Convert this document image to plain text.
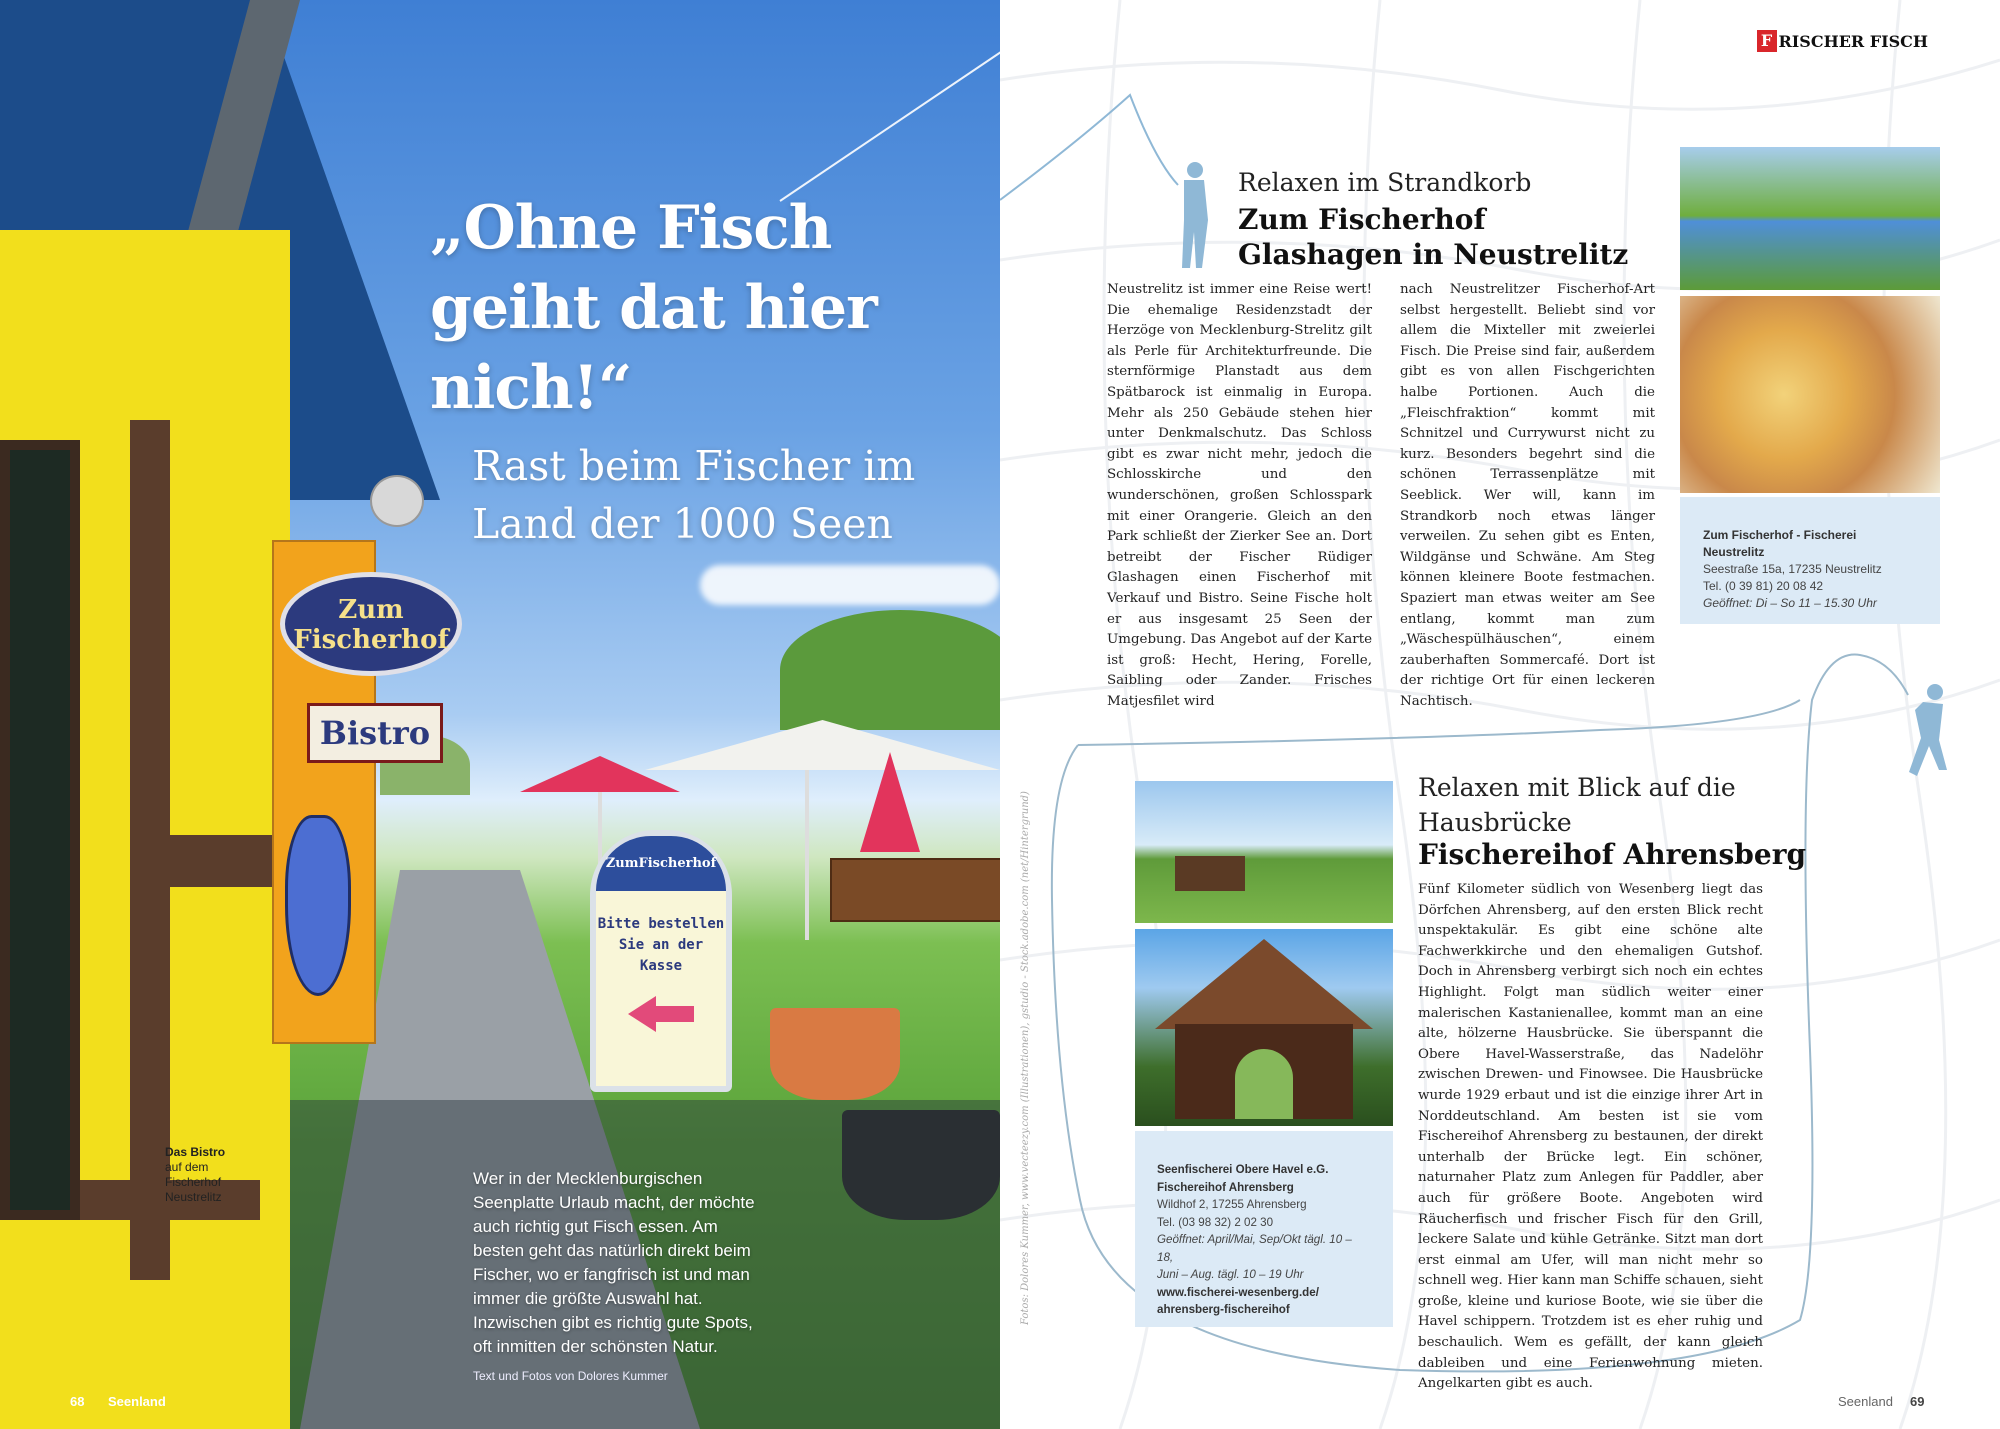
ZumFischerhof
Bitte bestellen Sie an der Kasse
Zum Fischerhof
Bistro
„Ohne Fisch geiht dat hier nich!“
Rast beim Fischer im Land der 1000 Seen
Das Bistro
auf dem Fischerhof Neustrelitz
Wer in der Mecklenburgischen Seenplatte Urlaub macht, der möchte auch richtig gut Fisch essen. Am besten geht das natürlich direkt beim Fischer, wo er fangfrisch ist und man immer die größte Auswahl hat. Inzwischen gibt es richtig gute Spots, oft inmitten der schönsten Natur.
Text und Fotos von Dolores Kummer
68 Seenland
F RISCHER FISCH
Relaxen im Strandkorb
Zum Fischerhof Glashagen in Neustrelitz
Neustrelitz ist immer eine Reise wert! Die ehemalige Residenzstadt der Herzöge von Mecklenburg-Strelitz gilt als Perle für Architekturfreunde. Die sternförmige Planstadt aus dem Spätbarock ist einmalig in Europa. Mehr als 250 Gebäude stehen hier unter Denkmalschutz. Das Schloss gibt es zwar nicht mehr, jedoch die Schlosskirche und den wunderschönen, großen Schlosspark mit einer Orangerie. Gleich an den Park schließt der Zierker See an. Dort betreibt der Fischer Rüdiger Glashagen einen Fischerhof mit Verkauf und Bistro. Seine Fische holt er aus insgesamt 25 Seen der Umgebung. Das Angebot auf der Karte ist groß: Hecht, Hering, Forelle, Saibling oder Zander. Frisches Matjesfilet wird
nach Neustrelitzer Fischerhof-Art selbst hergestellt. Beliebt sind vor allem die Mixteller mit zweierlei Fisch. Die Preise sind fair, außerdem gibt es von allen Fischgerichten halbe Portionen. Auch die „Fleischfraktion“ kommt mit Schnitzel und Currywurst nicht zu kurz. Besonders begehrt sind die schönen Terrassenplätze mit Seeblick. Wer will, kann im Strandkorb noch etwas länger verweilen. Zu sehen gibt es Enten, Wildgänse und Schwäne. Am Steg können kleinere Boote festmachen. Spaziert man etwas weiter am See entlang, kommt man zum „Wäschespülhäuschen“, einem zauberhaften Sommercafé. Dort ist der richtige Ort für einen leckeren Nachtisch.
Zum Fischerhof - Fischerei Neustrelitz
Seestraße 15a, 17235 Neustrelitz
Tel. (0 39 81) 20 08 42
Geöffnet: Di – So 11 – 15.30 Uhr
Seenfischerei Obere Havel e.G.
Fischereihof Ahrensberg
Wildhof 2, 17255 Ahrensberg
Tel. (03 98 32) 2 02 30
Geöffnet: April/Mai, Sep/Okt tägl. 10 – 18,
Juni – Aug. tägl. 10 – 19 Uhr
www.fischerei-wesenberg.de/
ahrensberg-fischereihof
Relaxen mit Blick auf die Hausbrücke
Fischereihof Ahrensberg
Fünf Kilometer südlich von Wesenberg liegt das Dörfchen Ahrensberg, auf den ersten Blick recht unspektakulär. Es gibt eine schöne alte Fachwerkkirche und den ehemaligen Gutshof. Doch in Ahrensberg verbirgt sich noch ein echtes Highlight. Folgt man südlich weiter einer malerischen Kastanienallee, kommt man an eine alte, hölzerne Hausbrücke. Sie überspannt die Obere Havel-Wasserstraße, das Nadelöhr zwischen Drewen- und Finowsee. Die Hausbrücke wurde 1929 erbaut und ist die einzige ihrer Art in Norddeutschland. Am besten ist sie vom Fischereihof Ahrensberg zu bestaunen, der direkt unterhalb der Brücke legt. Ein schöner, naturnaher Platz zum Anlegen für Paddler, aber auch für größere Boote. Angeboten wird Räucherfisch und frischer Fisch für den Grill, leckere Salate und kühle Getränke. Sitzt man dort erst einmal am Ufer, will man nicht mehr so schnell weg. Hier kann man Schiffe schauen, sieht große, kleine und kuriose Boote, wie sie über die Havel schippern. Trotzdem ist es eher ruhig und beschaulich. Wem es gefällt, der kann gleich dableiben und eine Ferienwohnung mieten. Angelkarten gibt es auch.
Fotos: Dolores Kummer, www.vecteezy.com (Illustrationen), gstudio - Stock.adobe.com (net/Hintergrund)
Seenland 69
